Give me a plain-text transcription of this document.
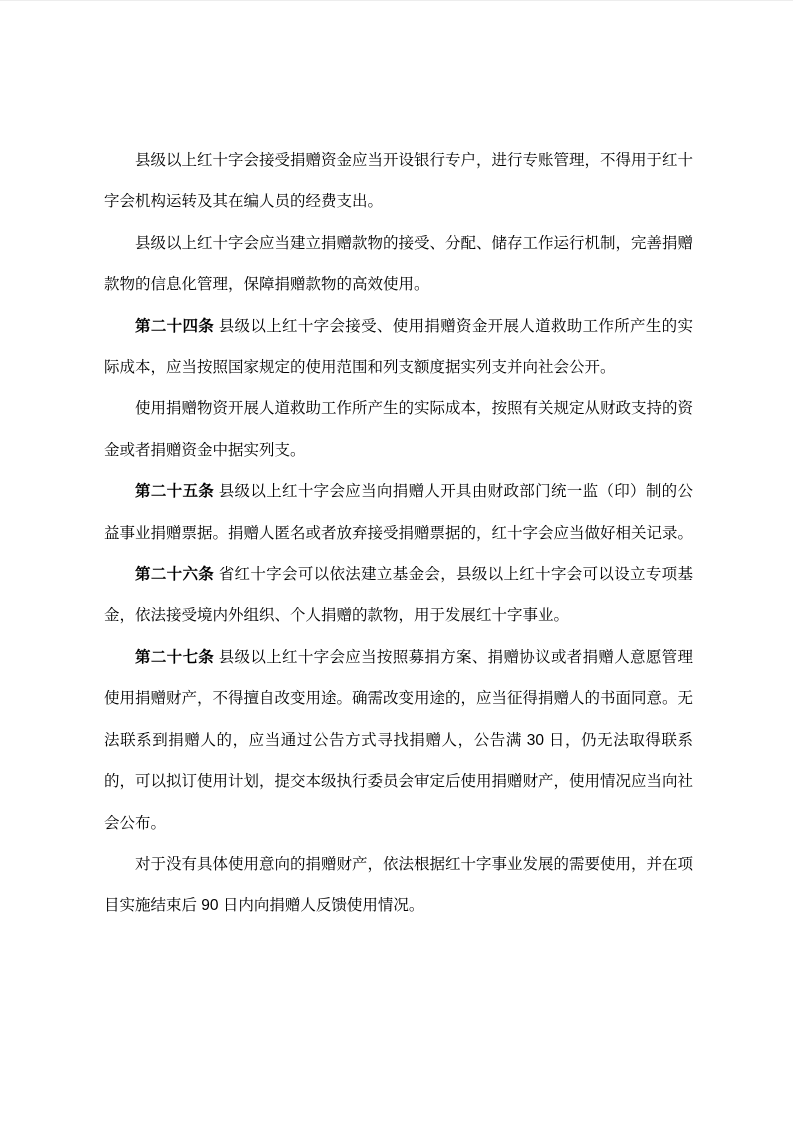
县级以上红十字会接受捐赠资金应当开设银行专户，进行专账管理，不得用于红十字会机构运转及其在编人员的经费支出。

县级以上红十字会应当建立捐赠款物的接受、分配、储存工作运行机制，完善捐赠款物的信息化管理，保障捐赠款物的高效使用。

第二十四条 县级以上红十字会接受、使用捐赠资金开展人道救助工作所产生的实际成本，应当按照国家规定的使用范围和列支额度据实列支并向社会公开。

使用捐赠物资开展人道救助工作所产生的实际成本，按照有关规定从财政支持的资金或者捐赠资金中据实列支。

第二十五条 县级以上红十字会应当向捐赠人开具由财政部门统一监（印）制的公益事业捐赠票据。捐赠人匿名或者放弃接受捐赠票据的，红十字会应当做好相关记录。

第二十六条 省红十字会可以依法建立基金会，县级以上红十字会可以设立专项基金，依法接受境内外组织、个人捐赠的款物，用于发展红十字事业。

第二十七条 县级以上红十字会应当按照募捐方案、捐赠协议或者捐赠人意愿管理使用捐赠财产，不得擅自改变用途。确需改变用途的，应当征得捐赠人的书面同意。无法联系到捐赠人的，应当通过公告方式寻找捐赠人，公告满 30 日，仍无法取得联系的，可以拟订使用计划，提交本级执行委员会审定后使用捐赠财产，使用情况应当向社会公布。

对于没有具体使用意向的捐赠财产，依法根据红十字事业发展的需要使用，并在项目实施结束后 90 日内向捐赠人反馈使用情况。
